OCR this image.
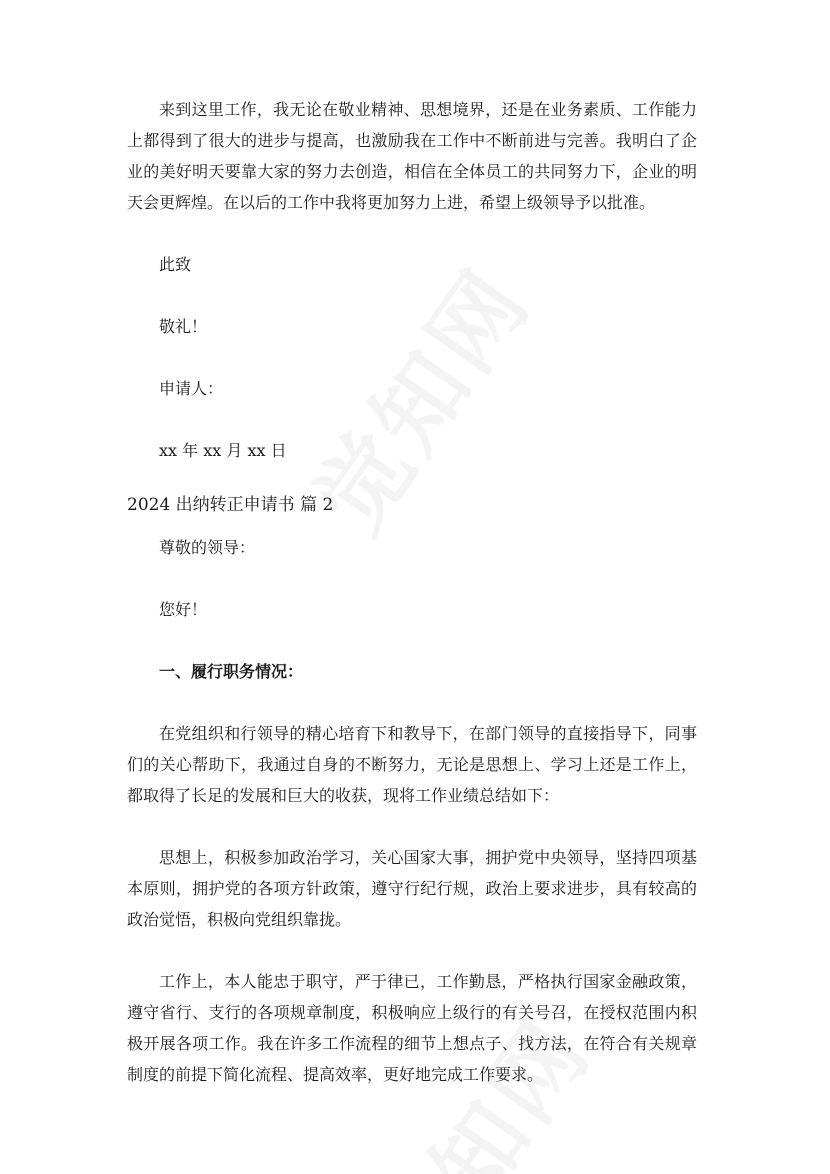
来到这里工作，我无论在敬业精神、思想境界，还是在业务素质、工作能力上都得到了很大的进步与提高，也激励我在工作中不断前进与完善。我明白了企业的美好明天要靠大家的努力去创造，相信在全体员工的共同努力下，企业的明天会更辉煌。在以后的工作中我将更加努力上进，希望上级领导予以批准。

此致

敬礼！

申请人：

xx 年 xx 月 xx 日

2024 出纳转正申请书 篇 2

尊敬的领导：

您好！

一、履行职务情况：

在党组织和行领导的精心培育下和教导下，在部门领导的直接指导下，同事们的关心帮助下，我通过自身的不断努力，无论是思想上、学习上还是工作上，都取得了长足的发展和巨大的收获，现将工作业绩总结如下：

思想上，积极参加政治学习，关心国家大事，拥护党中央领导，坚持四项基本原则，拥护党的各项方针政策，遵守行纪行规，政治上要求进步，具有较高的政治觉悟，积极向党组织靠拢。

工作上，本人能忠于职守，严于律已，工作勤恳，严格执行国家金融政策，遵守省行、支行的各项规章制度，积极响应上级行的有关号召，在授权范围内积极开展各项工作。我在许多工作流程的细节上想点子、找方法，在符合有关规章制度的前提下简化流程、提高效率，更好地完成工作要求。
